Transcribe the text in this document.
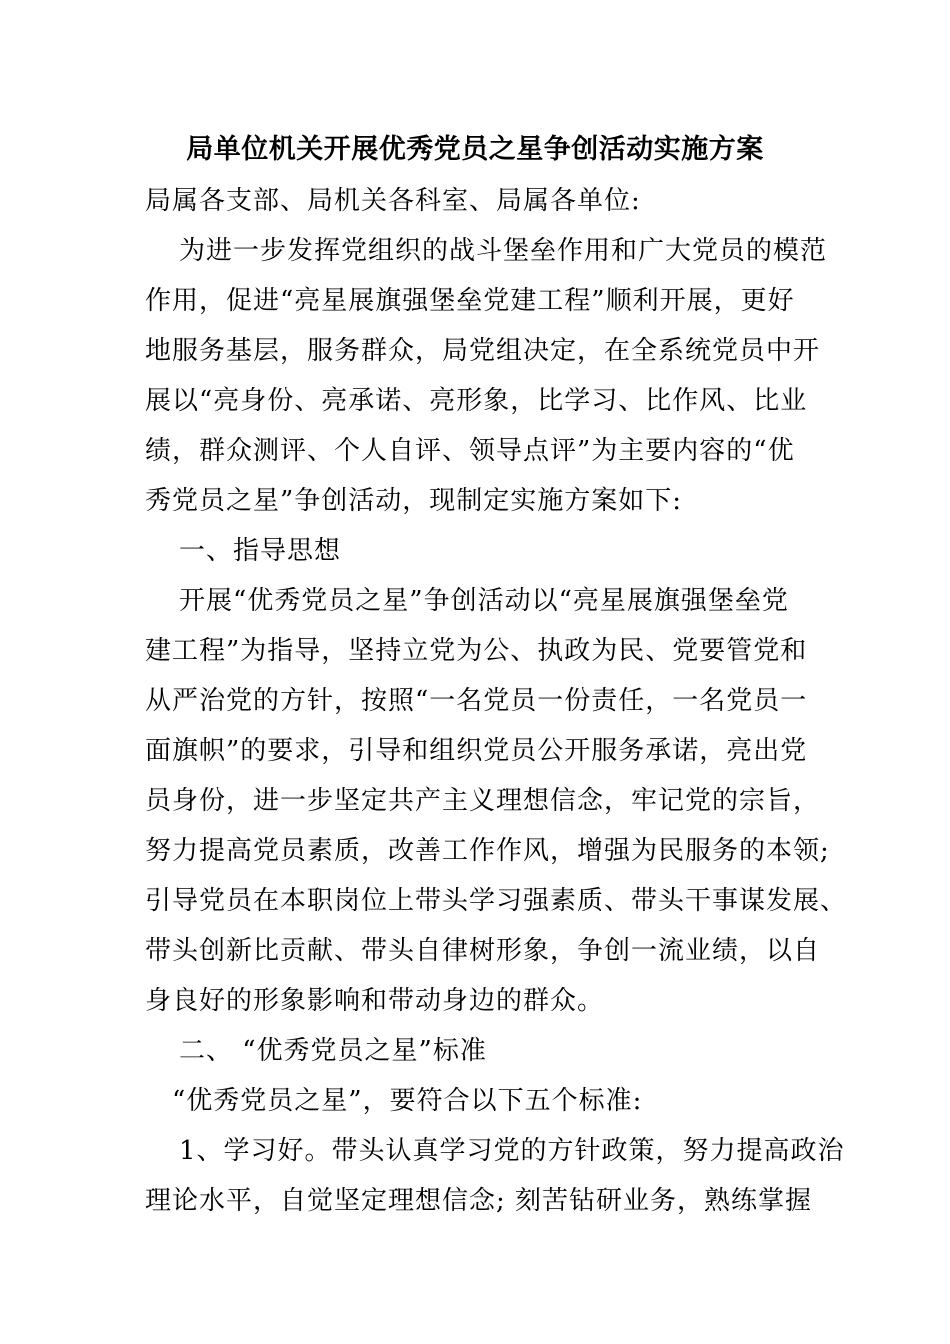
局单位机关开展优秀党员之星争创活动实施方案
局属各支部、局机关各科室、局属各单位:
为进一步发挥党组织的战斗堡垒作用和广大党员的模范
作用，促进“亮星展旗强堡垒党建工程”顺利开展，更好
地服务基层，服务群众，局党组决定，在全系统党员中开
展以“亮身份、亮承诺、亮形象，比学习、比作风、比业
绩，群众测评、个人自评、领导点评”为主要内容的“优
秀党员之星”争创活动，现制定实施方案如下:
一、指导思想
开展“优秀党员之星”争创活动以“亮星展旗强堡垒党
建工程”为指导，坚持立党为公、执政为民、党要管党和
从严治党的方针，按照“一名党员一份责任，一名党员一
面旗帜”的要求，引导和组织党员公开服务承诺，亮出党
员身份，进一步坚定共产主义理想信念，牢记党的宗旨，
努力提高党员素质，改善工作作风，增强为民服务的本领;
引导党员在本职岗位上带头学习强素质、带头干事谋发展、
带头创新比贡献、带头自律树形象，争创一流业绩，以自
身良好的形象影响和带动身边的群众。
二、 “优秀党员之星”标准
“优秀党员之星”，要符合以下五个标准:
1、学习好。带头认真学习党的方针政策，努力提高政治
理论水平，自觉坚定理想信念; 刻苦钻研业务，熟练掌握
